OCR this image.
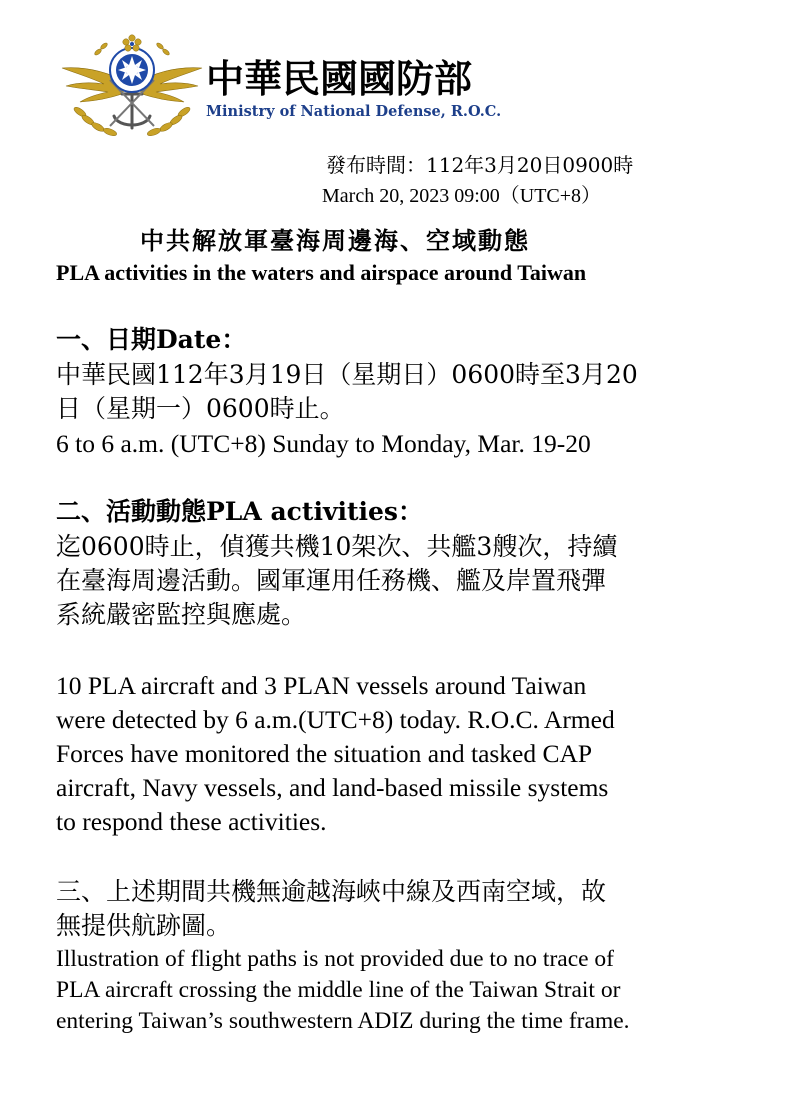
中華民國國防部
Ministry of National Defense, R.O.C.
發布時間：112年3月20日0900時
March 20, 2023 09:00（UTC+8）
中共解放軍臺海周邊海、空域動態
PLA activities in the waters and airspace around Taiwan
一、日期Date：
中華民國112年3月19日（星期日）0600時至3月20
日（星期一）0600時止。
6 to 6 a.m. (UTC+8) Sunday to Monday, Mar. 19-20
二、活動動態PLA activities：
迄0600時止，偵獲共機10架次、共艦3艘次，持續
在臺海周邊活動。國軍運用任務機、艦及岸置飛彈
系統嚴密監控與應處。
10 PLA aircraft and 3 PLAN vessels around Taiwan
were detected by 6 a.m.(UTC+8) today. R.O.C. Armed
Forces have monitored the situation and tasked CAP
aircraft, Navy vessels, and land-based missile systems
to respond these activities.
三、上述期間共機無逾越海峽中線及西南空域，故
無提供航跡圖。
Illustration of flight paths is not provided due to no trace of
PLA aircraft crossing the middle line of the Taiwan Strait or
entering Taiwan’s southwestern ADIZ during the time frame.
